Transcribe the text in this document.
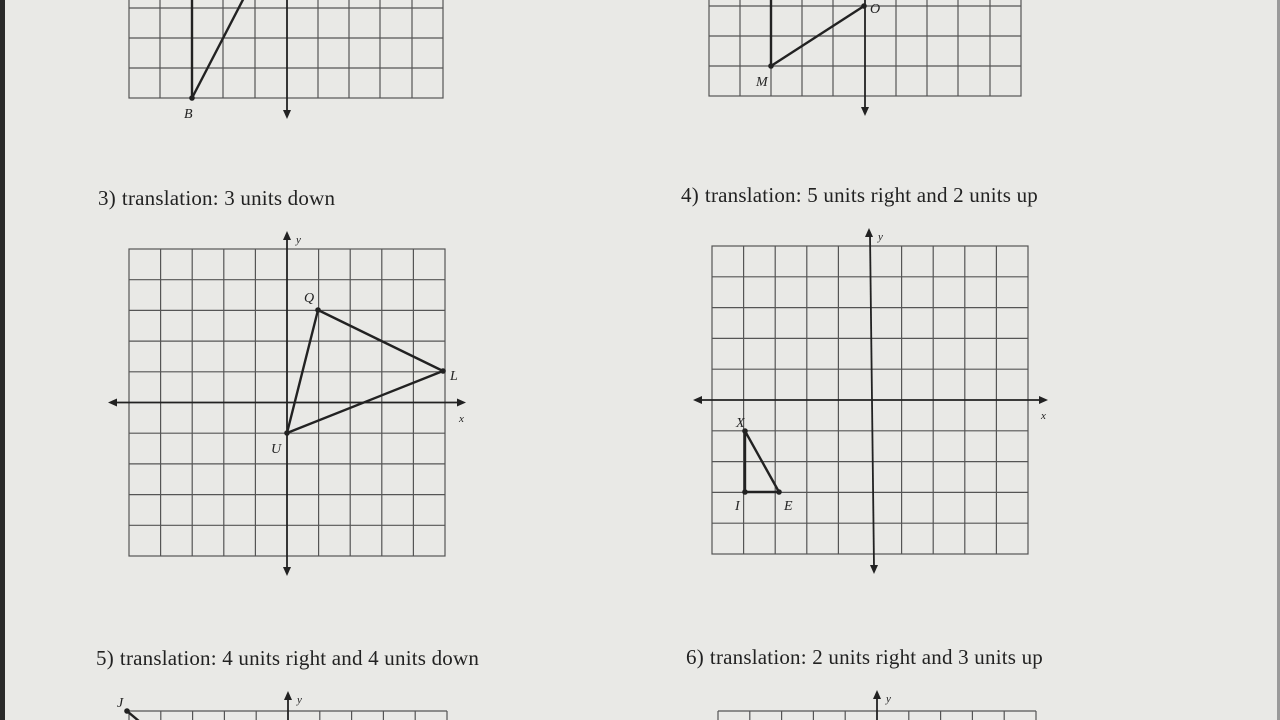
3) translation: 3 units down	4) translation: 5 units right and 2 units up
5) translation: 4 units right and 4 units down	6) translation: 2 units right and 3 units up
B
M
O
x
y
Q
L
U
x
y
X
I	E
y
J	y
